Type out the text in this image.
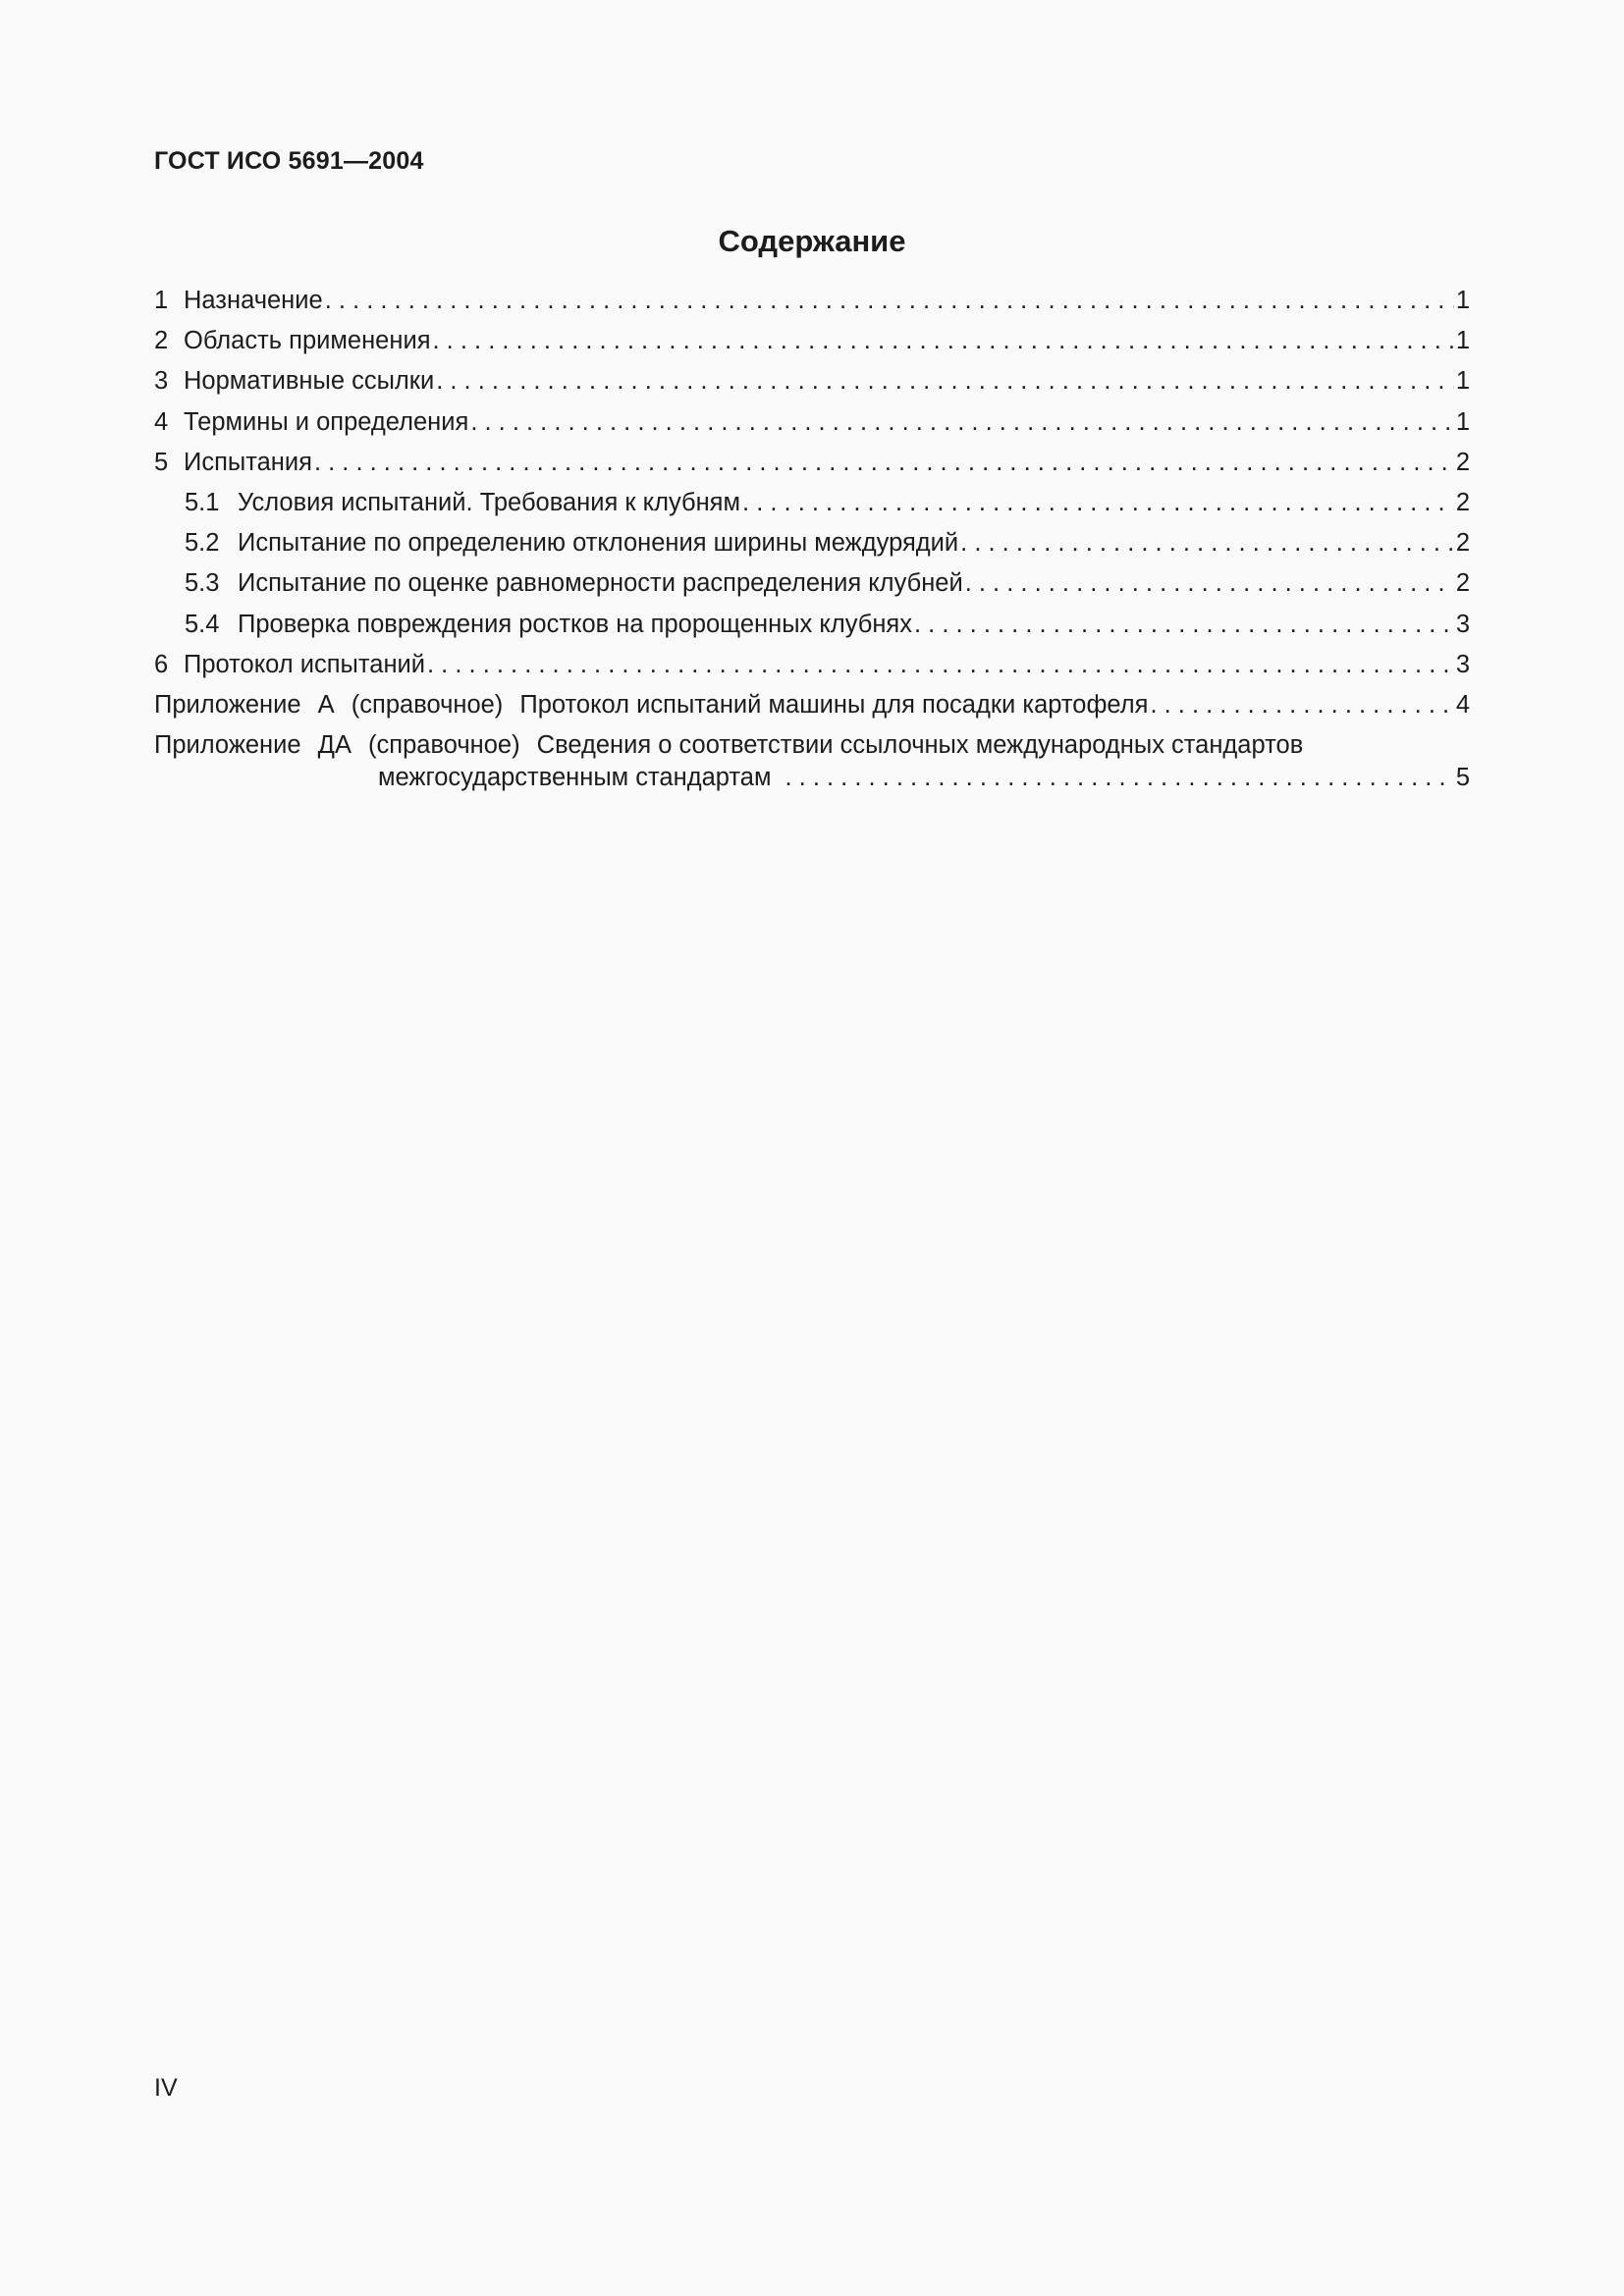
ГОСТ ИСО 5691—2004
Содержание
1 Назначение . . .	1
2 Область применения . . .	1
3 Нормативные ссылки . . .	1
4 Термины и определения . . .	1
5 Испытания . . .	2
5.1 Условия испытаний. Требования к клубням . . .	2
5.2 Испытание по определению отклонения ширины междурядий . . .	2
5.3 Испытание по оценке равномерности распределения клубней . . .	2
5.4 Проверка повреждения ростков на пророщенных клубнях . . .	3
6 Протокол испытаний . . .	3
Приложение А (справочное) Протокол испытаний машины для посадки картофеля . . .	4
Приложение ДА (справочное) Сведения о соответствии ссылочных международных стандартов
межгосударственным стандартам . . .	5
IV
